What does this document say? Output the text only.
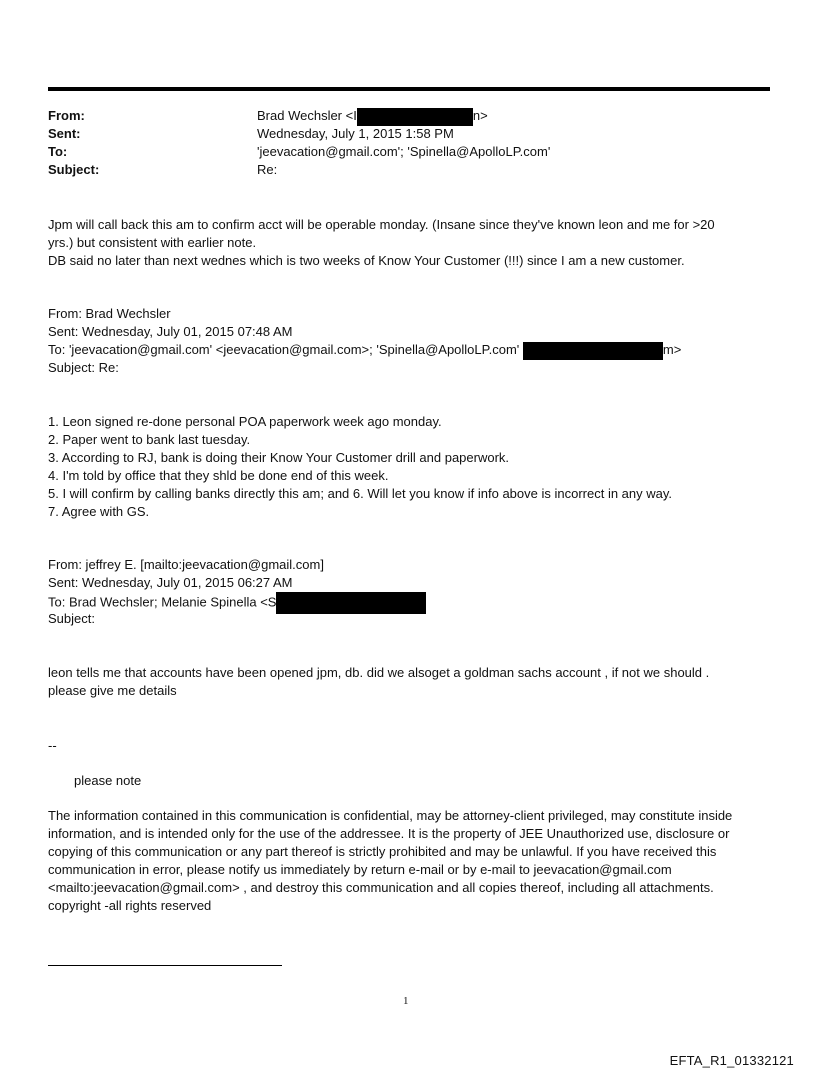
From:	Brad Wechsler <I	n>
Sent:	Wednesday, July 1, 2015 1:58 PM
To:	'jeevacation@gmail.com'; 'Spinella@ApolloLP.com'
Subject:	Re:
Jpm will call back this am to confirm acct will be operable monday. (Insane since they've known leon and me for >20
yrs.) but consistent with earlier note.
DB said no later than next wednes which is two weeks of Know Your Customer (!!!) since I am a new customer.
From: Brad Wechsler
Sent: Wednesday, July 01, 2015 07:48 AM
To: 'jeevacation@gmail.com' <jeevacation@gmail.com>; 'Spinella@ApolloLP.com'	m>
Subject: Re:
1. Leon signed re-done personal POA paperwork week ago monday.
2. Paper went to bank last tuesday.
3. According to RJ, bank is doing their Know Your Customer drill and paperwork.
4. I'm told by office that they shld be done end of this week.
5. I will confirm by calling banks directly this am; and 6. Will let you know if info above is incorrect in any way.
7. Agree with GS.
From: jeffrey E. [mailto:jeevacation@gmail.com]
Sent: Wednesday, July 01, 2015 06:27 AM
To: Brad Wechsler; Melanie Spinella <S
Subject:
leon tells me that accounts have been opened jpm, db. did we alsoget a goldman sachs account , if not we should .
please give me details
--
please note
The information contained in this communication is confidential, may be attorney-client privileged, may constitute inside information, and is intended only for the use of the addressee. It is the property of JEE Unauthorized use, disclosure or copying of this communication or any part thereof is strictly prohibited and may be unlawful. If you have received this communication in error, please notify us immediately by return e-mail or by e-mail to jeevacation@gmail.com <mailto:jeevacation@gmail.com> , and destroy this communication and all copies thereof, including all attachments. copyright -all rights reserved
1
EFTA_R1_01332121
